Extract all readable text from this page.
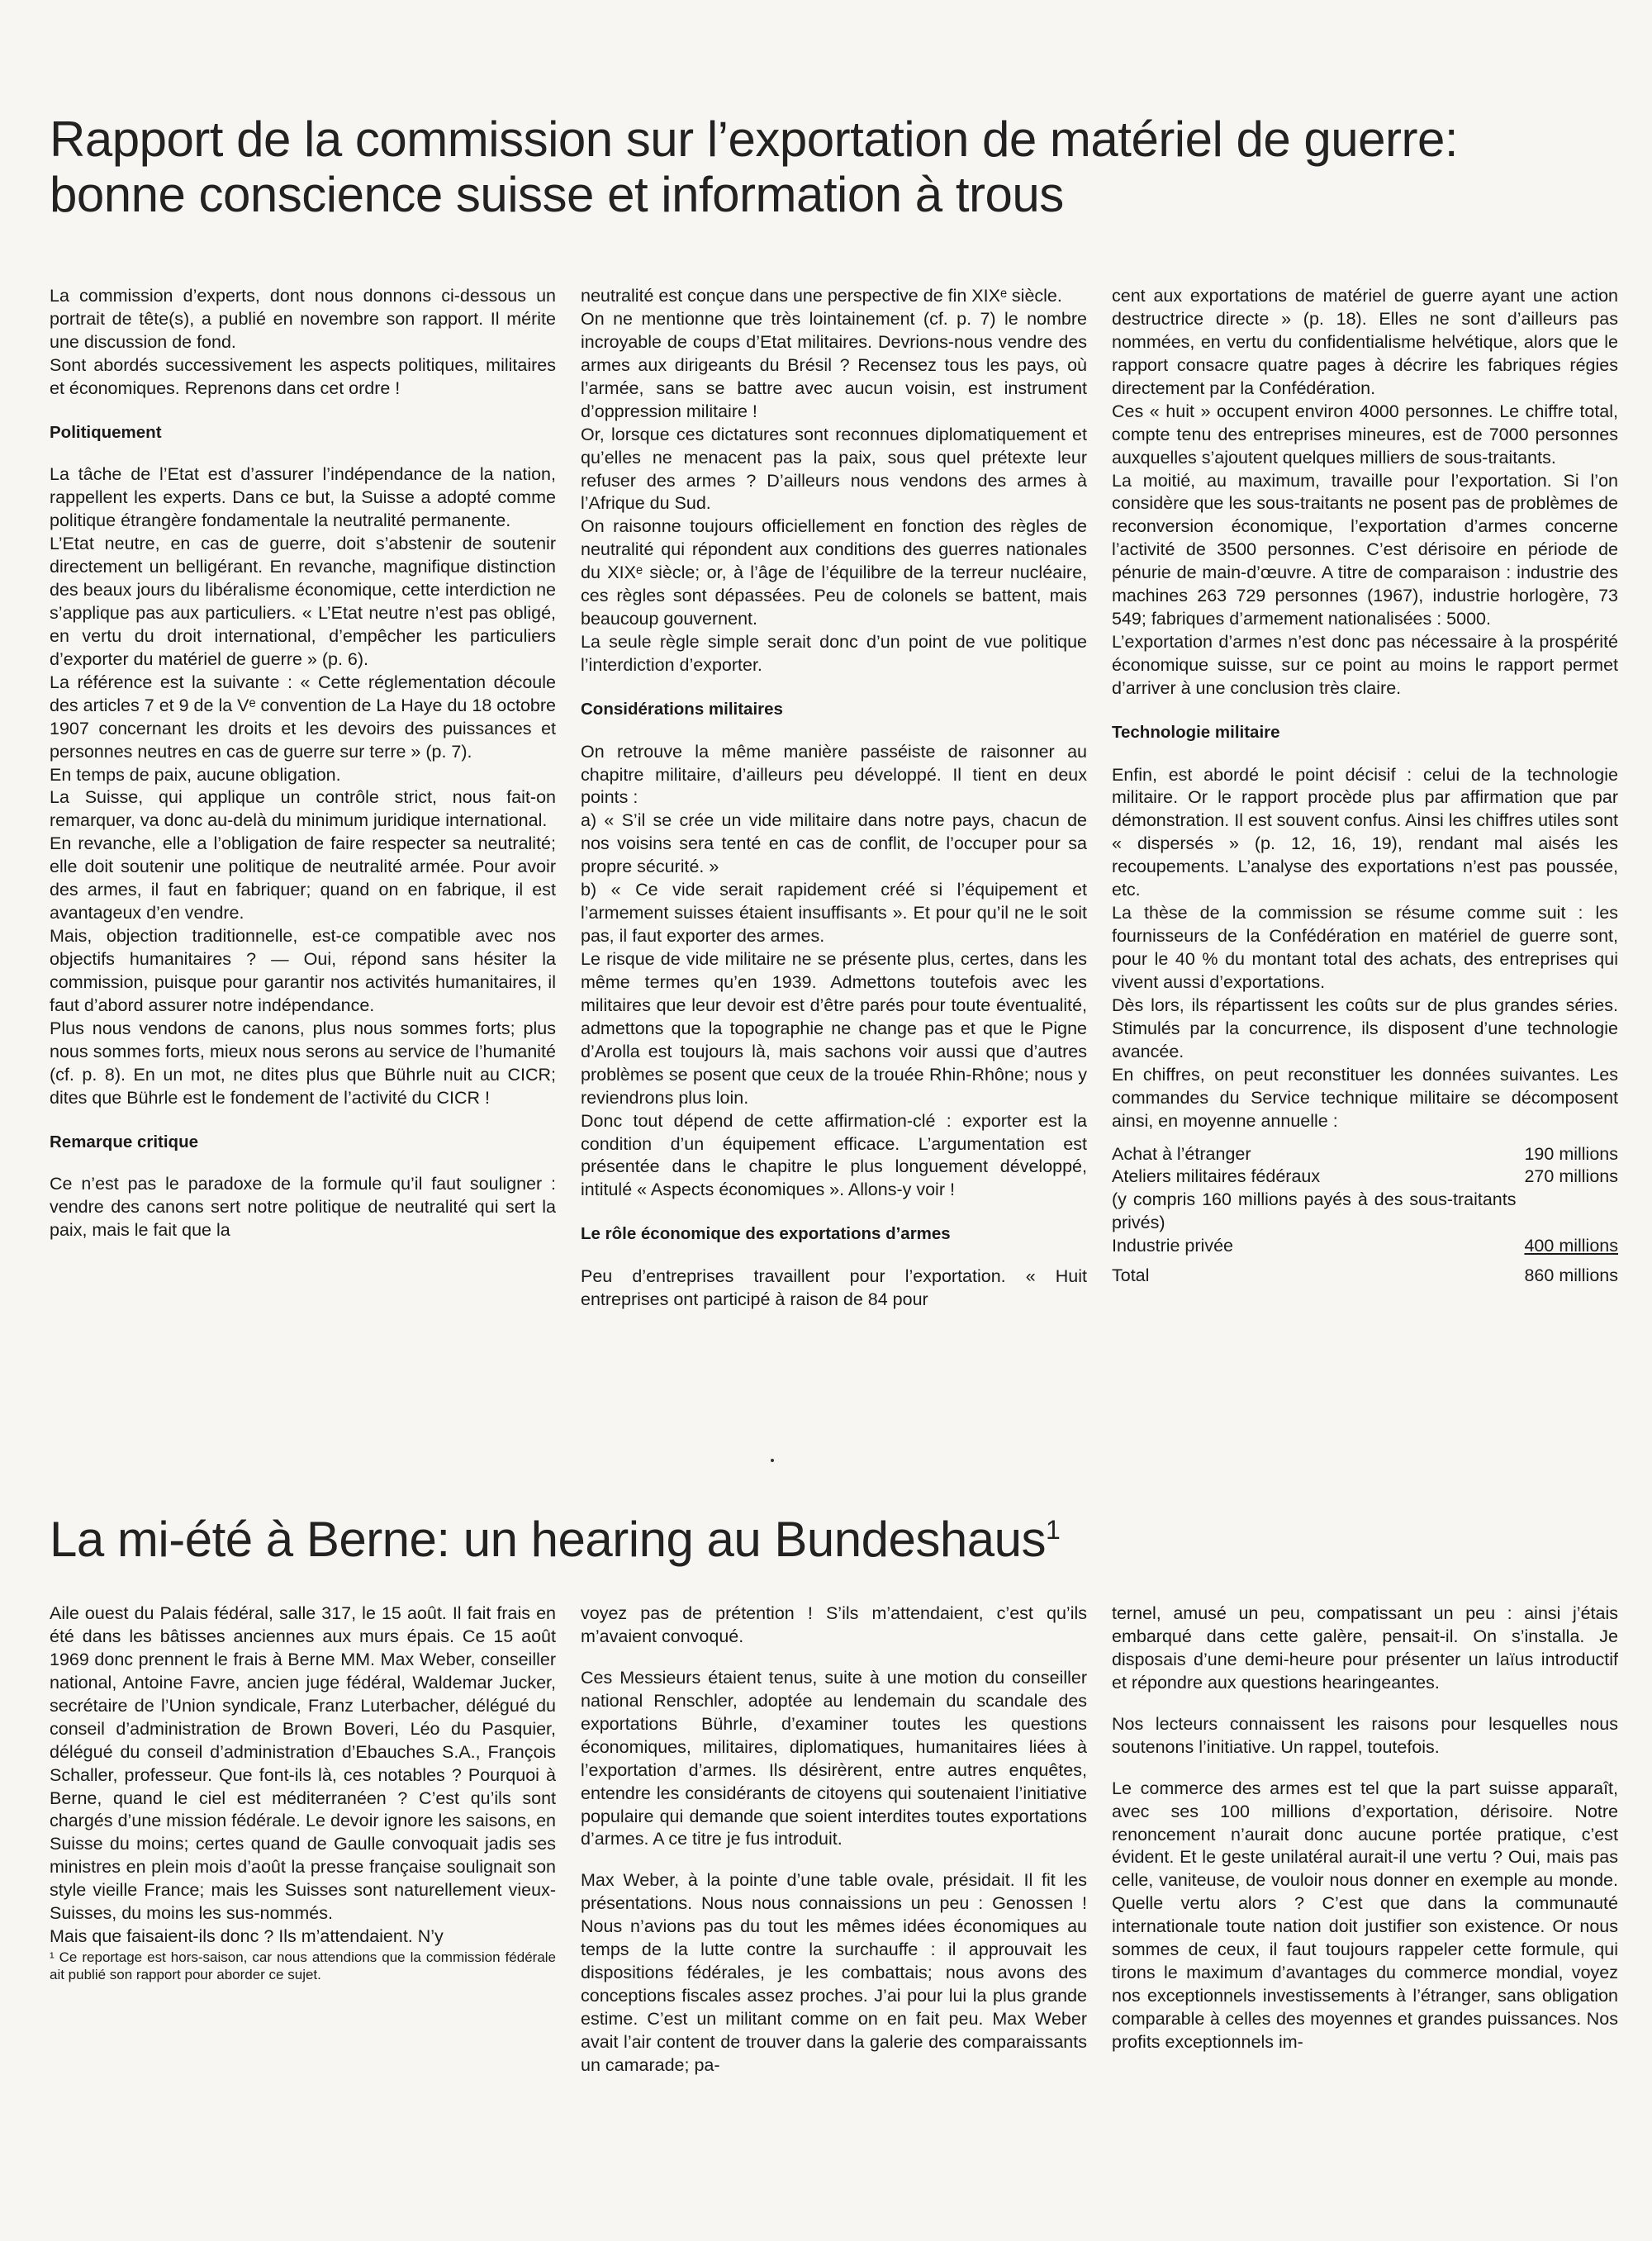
Rapport de la commission sur l’exportation de matériel de guerre:
bonne conscience suisse et information à trous

La commission d’experts, dont nous donnons ci-dessous un portrait de tête(s), a publié en novembre son rapport. Il mérite une discussion de fond.

Sont abordés successivement les aspects politiques, militaires et économiques. Reprenons dans cet ordre !

Politiquement

La tâche de l’Etat est d’assurer l’indépendance de la nation, rappellent les experts. Dans ce but, la Suisse a adopté comme politique étrangère fondamentale la neutralité permanente.

L’Etat neutre, en cas de guerre, doit s’abstenir de soutenir directement un belligérant. En revanche, magnifique distinction des beaux jours du libéralisme économique, cette interdiction ne s’applique pas aux particuliers. « L’Etat neutre n’est pas obligé, en vertu du droit international, d’empêcher les particuliers d’exporter du matériel de guerre » (p. 6).

La référence est la suivante : « Cette réglementation découle des articles 7 et 9 de la Vᵉ convention de La Haye du 18 octobre 1907 concernant les droits et les devoirs des puissances et personnes neutres en cas de guerre sur terre » (p. 7).

En temps de paix, aucune obligation.

La Suisse, qui applique un contrôle strict, nous fait-on remarquer, va donc au-delà du minimum juridique international.

En revanche, elle a l’obligation de faire respecter sa neutralité; elle doit soutenir une politique de neutralité armée. Pour avoir des armes, il faut en fabriquer; quand on en fabrique, il est avantageux d’en vendre.

Mais, objection traditionnelle, est-ce compatible avec nos objectifs humanitaires ? — Oui, répond sans hésiter la commission, puisque pour garantir nos activités humanitaires, il faut d’abord assurer notre indépendance.

Plus nous vendons de canons, plus nous sommes forts; plus nous sommes forts, mieux nous serons au service de l’humanité (cf. p. 8). En un mot, ne dites plus que Bührle nuit au CICR; dites que Bührle est le fondement de l’activité du CICR !

Remarque critique

Ce n’est pas le paradoxe de la formule qu’il faut souligner : vendre des canons sert notre politique de neutralité qui sert la paix, mais le fait que la

neutralité est conçue dans une perspective de fin XIXᵉ siècle.

On ne mentionne que très lointainement (cf. p. 7) le nombre incroyable de coups d’Etat militaires. Devrions-nous vendre des armes aux dirigeants du Brésil ? Recensez tous les pays, où l’armée, sans se battre avec aucun voisin, est instrument d’oppression militaire !

Or, lorsque ces dictatures sont reconnues diplomatiquement et qu’elles ne menacent pas la paix, sous quel prétexte leur refuser des armes ? D’ailleurs nous vendons des armes à l’Afrique du Sud.

On raisonne toujours officiellement en fonction des règles de neutralité qui répondent aux conditions des guerres nationales du XIXᵉ siècle; or, à l’âge de l’équilibre de la terreur nucléaire, ces règles sont dépassées. Peu de colonels se battent, mais beaucoup gouvernent.

La seule règle simple serait donc d’un point de vue politique l’interdiction d’exporter.

Considérations militaires

On retrouve la même manière passéiste de raisonner au chapitre militaire, d’ailleurs peu développé. Il tient en deux points :

a) « S’il se crée un vide militaire dans notre pays, chacun de nos voisins sera tenté en cas de conflit, de l’occuper pour sa propre sécurité. »

b) « Ce vide serait rapidement créé si l’équipement et l’armement suisses étaient insuffisants ». Et pour qu’il ne le soit pas, il faut exporter des armes.

Le risque de vide militaire ne se présente plus, certes, dans les même termes qu’en 1939. Admettons toutefois avec les militaires que leur devoir est d’être parés pour toute éventualité, admettons que la topographie ne change pas et que le Pigne d’Arolla est toujours là, mais sachons voir aussi que d’autres problèmes se posent que ceux de la trouée Rhin-Rhône; nous y reviendrons plus loin.

Donc tout dépend de cette affirmation-clé : exporter est la condition d’un équipement efficace. L’argumentation est présentée dans le chapitre le plus longuement développé, intitulé « Aspects économiques ». Allons-y voir !

Le rôle économique des exportations d’armes

Peu d’entreprises travaillent pour l’exportation. « Huit entreprises ont participé à raison de 84 pour

cent aux exportations de matériel de guerre ayant une action destructrice directe » (p. 18). Elles ne sont d’ailleurs pas nommées, en vertu du confidentialisme helvétique, alors que le rapport consacre quatre pages à décrire les fabriques régies directement par la Confédération.

Ces « huit » occupent environ 4000 personnes. Le chiffre total, compte tenu des entreprises mineures, est de 7000 personnes auxquelles s’ajoutent quelques milliers de sous-traitants.

La moitié, au maximum, travaille pour l’exportation. Si l’on considère que les sous-traitants ne posent pas de problèmes de reconversion économique, l’exportation d’armes concerne l’activité de 3500 personnes. C’est dérisoire en période de pénurie de main-d’œuvre. A titre de comparaison : industrie des machines 263 729 personnes (1967), industrie horlogère, 73 549; fabriques d’armement nationalisées : 5000.

L’exportation d’armes n’est donc pas nécessaire à la prospérité économique suisse, sur ce point au moins le rapport permet d’arriver à une conclusion très claire.

Technologie militaire

Enfin, est abordé le point décisif : celui de la technologie militaire. Or le rapport procède plus par affirmation que par démonstration. Il est souvent confus. Ainsi les chiffres utiles sont « dispersés » (p. 12, 16, 19), rendant mal aisés les recoupements. L’analyse des exportations n’est pas poussée, etc.

La thèse de la commission se résume comme suit : les fournisseurs de la Confédération en matériel de guerre sont, pour le 40 % du montant total des achats, des entreprises qui vivent aussi d’exportations.

Dès lors, ils répartissent les coûts sur de plus grandes séries. Stimulés par la concurrence, ils disposent d’une technologie avancée.

En chiffres, on peut reconstituer les données suivantes. Les commandes du Service technique militaire se décomposent ainsi, en moyenne annuelle :

Achat à l’étranger	190 millions
Ateliers militaires fédéraux	270 millions
(y compris 160 millions payés à des sous-traitants privés)	
Industrie privée	400 millions
Total	860 millions
La mi-été à Berne: un hearing au Bundeshaus$^1$

Aile ouest du Palais fédéral, salle 317, le 15 août. Il fait frais en été dans les bâtisses anciennes aux murs épais. Ce 15 août 1969 donc prennent le frais à Berne MM. Max Weber, conseiller national, Antoine Favre, ancien juge fédéral, Waldemar Jucker, secrétaire de l’Union syndicale, Franz Luterbacher, délégué du conseil d’administration de Brown Boveri, Léo du Pasquier, délégué du conseil d’administration d’Ebauches S.A., François Schaller, professeur. Que font-ils là, ces notables ? Pourquoi à Berne, quand le ciel est méditerranéen ? C’est qu’ils sont chargés d’une mission fédérale. Le devoir ignore les saisons, en Suisse du moins; certes quand de Gaulle convoquait jadis ses ministres en plein mois d’août la presse française soulignait son style vieille France; mais les Suisses sont naturellement vieux-Suisses, du moins les sus-nommés.

Mais que faisaient-ils donc ? Ils m’attendaient. N’y

¹ Ce reportage est hors-saison, car nous attendions que la commission fédérale ait publié son rapport pour aborder ce sujet.

voyez pas de prétention ! S’ils m’attendaient, c’est qu’ils m’avaient convoqué.

Ces Messieurs étaient tenus, suite à une motion du conseiller national Renschler, adoptée au lendemain du scandale des exportations Bührle, d’examiner toutes les questions économiques, militaires, diplomatiques, humanitaires liées à l’exportation d’armes. Ils désirèrent, entre autres enquêtes, entendre les considérants de citoyens qui soutenaient l’initiative populaire qui demande que soient interdites toutes exportations d’armes. A ce titre je fus introduit.

Max Weber, à la pointe d’une table ovale, présidait. Il fit les présentations. Nous nous connaissions un peu : Genossen ! Nous n’avions pas du tout les mêmes idées économiques au temps de la lutte contre la surchauffe : il approuvait les dispositions fédérales, je les combattais; nous avons des conceptions fiscales assez proches. J’ai pour lui la plus grande estime. C’est un militant comme on en fait peu. Max Weber avait l’air content de trouver dans la galerie des comparaissants un camarade; pa-

ternel, amusé un peu, compatissant un peu : ainsi j’étais embarqué dans cette galère, pensait-il. On s’installa. Je disposais d’une demi-heure pour présenter un laïus introductif et répondre aux questions hearingeantes.

Nos lecteurs connaissent les raisons pour lesquelles nous soutenons l’initiative. Un rappel, toutefois.

Le commerce des armes est tel que la part suisse apparaît, avec ses 100 millions d’exportation, dérisoire. Notre renoncement n’aurait donc aucune portée pratique, c’est évident. Et le geste unilatéral aurait-il une vertu ? Oui, mais pas celle, vaniteuse, de vouloir nous donner en exemple au monde. Quelle vertu alors ? C’est que dans la communauté internationale toute nation doit justifier son existence. Or nous sommes de ceux, il faut toujours rappeler cette formule, qui tirons le maximum d’avantages du commerce mondial, voyez nos exceptionnels investissements à l’étranger, sans obligation comparable à celles des moyennes et grandes puissances. Nos profits exceptionnels im-
